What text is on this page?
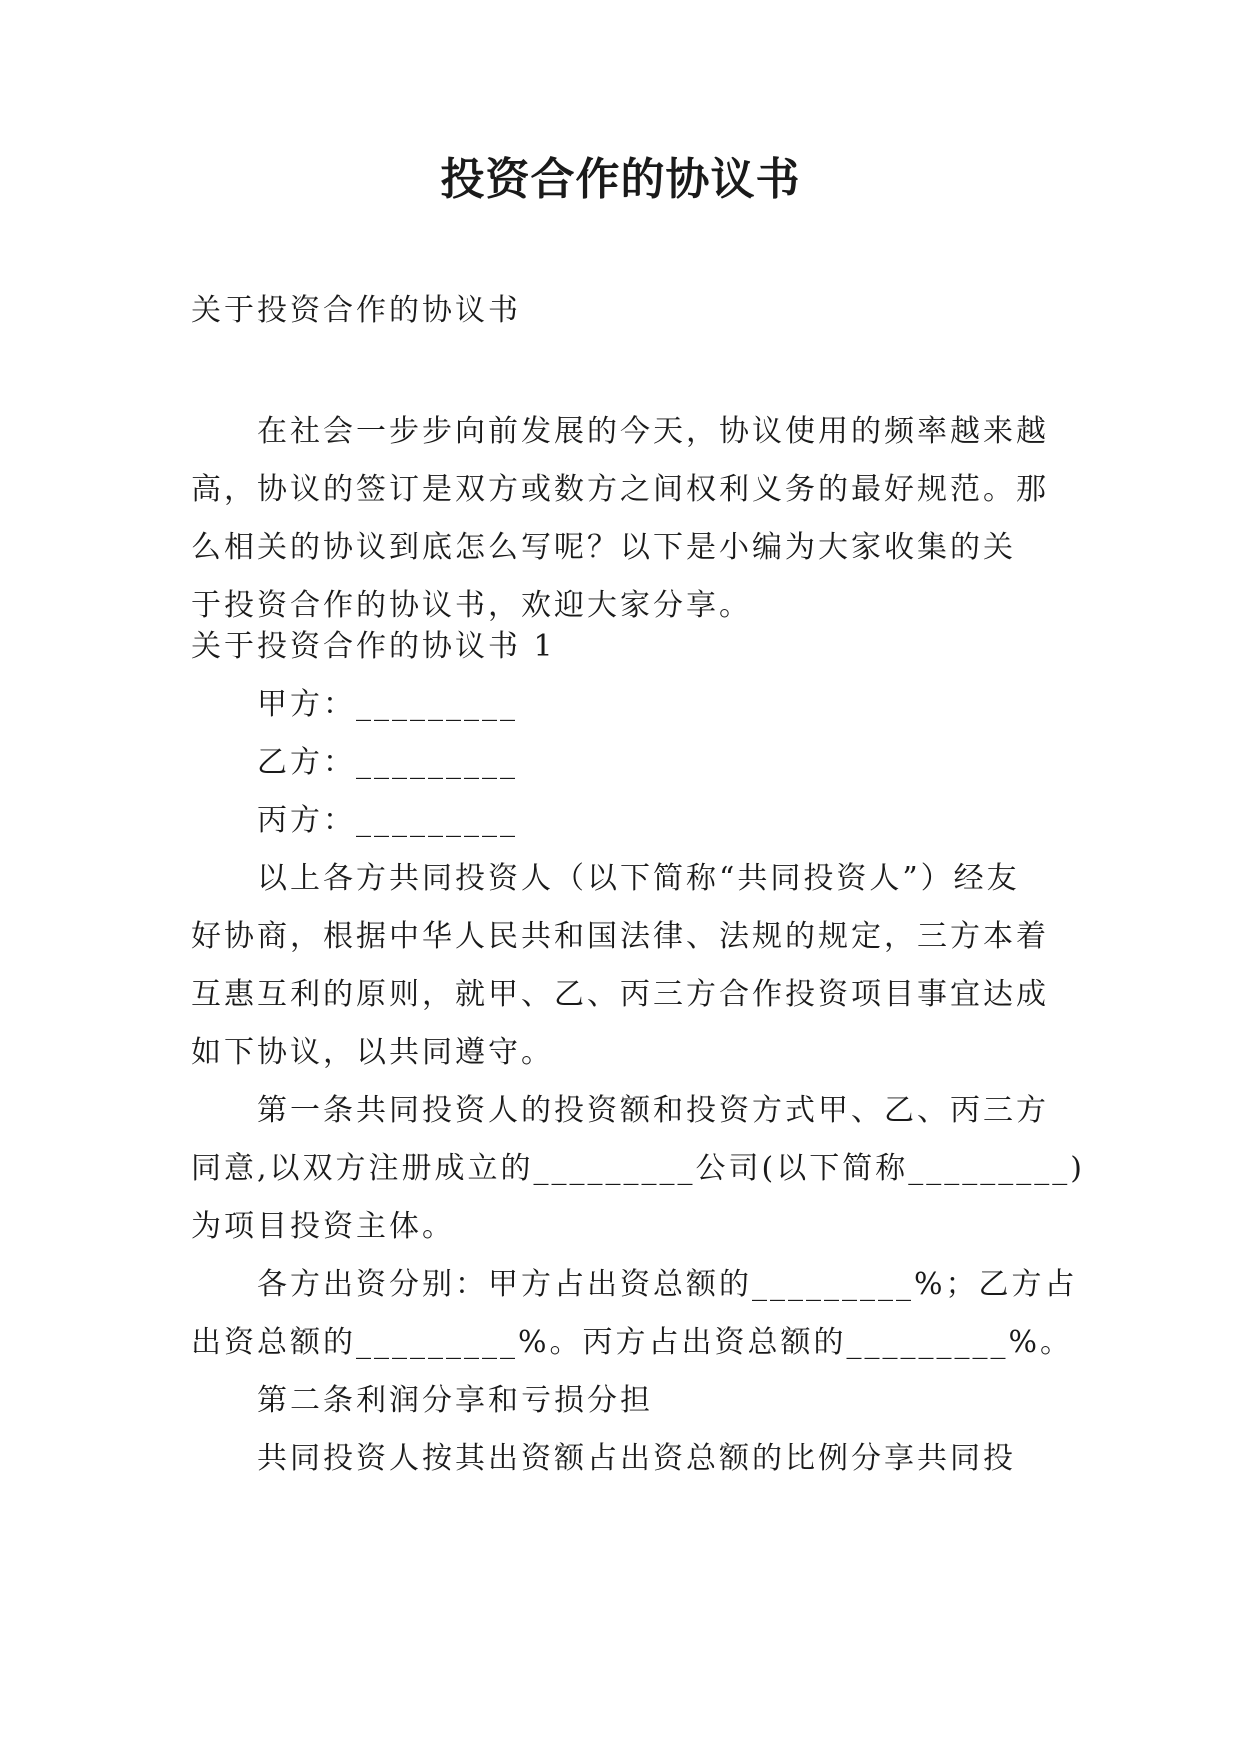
投资合作的协议书
关于投资合作的协议书
在社会一步步向前发展的今天，协议使用的频率越来越
高，协议的签订是双方或数方之间权利义务的最好规范。那
么相关的协议到底怎么写呢？以下是小编为大家收集的关
于投资合作的协议书，欢迎大家分享。
关于投资合作的协议书 1
甲方：_________
乙方：_________
丙方：_________
以上各方共同投资人（以下简称“共同投资人”）经友
好协商，根据中华人民共和国法律、法规的规定，三方本着
互惠互利的原则，就甲、乙、丙三方合作投资项目事宜达成
如下协议，以共同遵守。
第一条共同投资人的投资额和投资方式甲、乙、丙三方
同意,以双方注册成立的_________公司(以下简称_________)
为项目投资主体。
各方出资分别：甲方占出资总额的_________%；乙方占
出资总额的_________%。丙方占出资总额的_________%。
第二条利润分享和亏损分担
共同投资人按其出资额占出资总额的比例分享共同投
